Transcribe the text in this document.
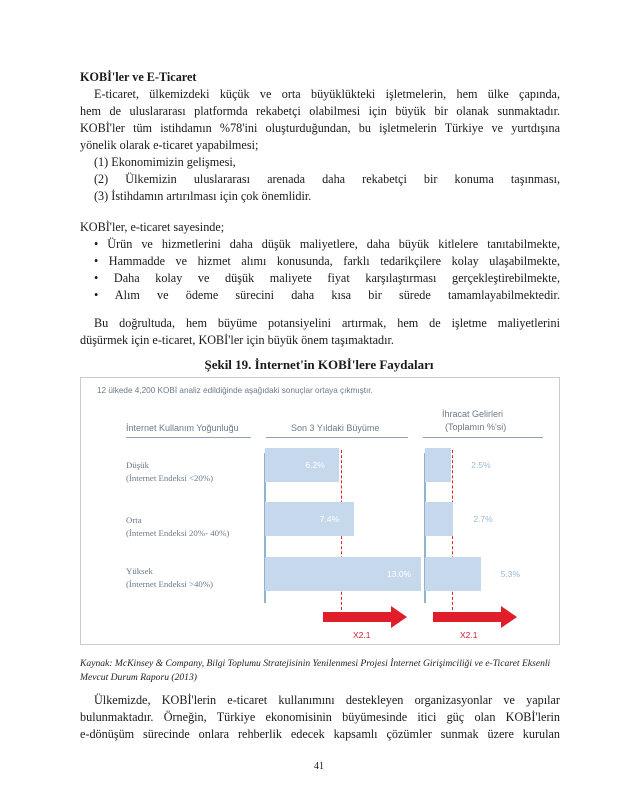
KOBİ'ler ve E-Ticaret
E-ticaret, ülkemizdeki küçük ve orta büyüklükteki işletmelerin, hem ülke çapında,
hem de uluslararası platformda rekabetçi olabilmesi için büyük bir olanak sunmaktadır.
KOBİ'ler tüm istihdamın %78'ini oluşturduğundan, bu işletmelerin Türkiye ve yurtdışına
yönelik olarak e-ticaret yapabilmesi;
(1) Ekonomimizin gelişmesi,
(2) Ülkemizin uluslararası arenada daha rekabetçi bir konuma taşınması,
(3) İstihdamın artırılması için çok önemlidir.
KOBİ'ler, e-ticaret sayesinde;
• Ürün ve hizmetlerini daha düşük maliyetlere, daha büyük kitlelere tanıtabilmekte,
• Hammadde ve hizmet alımı konusunda, farklı tedarikçilere kolay ulaşabilmekte,
• Daha kolay ve düşük maliyete fiyat karşılaştırması gerçekleştirebilmekte,
• Alım ve ödeme sürecini daha kısa bir sürede tamamlayabilmektedir.
Bu doğrultuda, hem büyüme potansiyelini artırmak, hem de işletme maliyetlerini
düşürmek için e-ticaret, KOBİ'ler için büyük önem taşımaktadır.
Şekil 19. İnternet'in KOBİ'lere Faydaları
12 ülkede 4,200 KOBİ analiz edildiğinde aşağıdaki sonuçlar ortaya çıkmıştır.
İnternet Kullanım Yoğunluğu	Son 3 Yıldaki Büyüme
İhracat Gelirleri
(Toplamın %'si)
Düşük
(İnternet Endeksi <20%)
Orta
(İnternet Endeksi 20%- 40%)
Yüksek
(İnternet Endeksi >40%)
X2.1	X2.1
6.2%
7.4%
13.0%
2.5%
2.7%
5.3%
Kaynak: McKinsey & Company, Bilgi Toplumu Stratejisinin Yenilenmesi Projesi İnternet Girişimciliği ve e-Ticaret Eksenli Mevcut Durum Raporu (2013)
Ülkemizde, KOBİ'lerin e-ticaret kullanımını destekleyen organizasyonlar ve yapılar
bulunmaktadır. Örneğin, Türkiye ekonomisinin büyümesinde itici güç olan KOBİ'lerin
e-dönüşüm sürecinde onlara rehberlik edecek kapsamlı çözümler sunmak üzere kurulan
41
